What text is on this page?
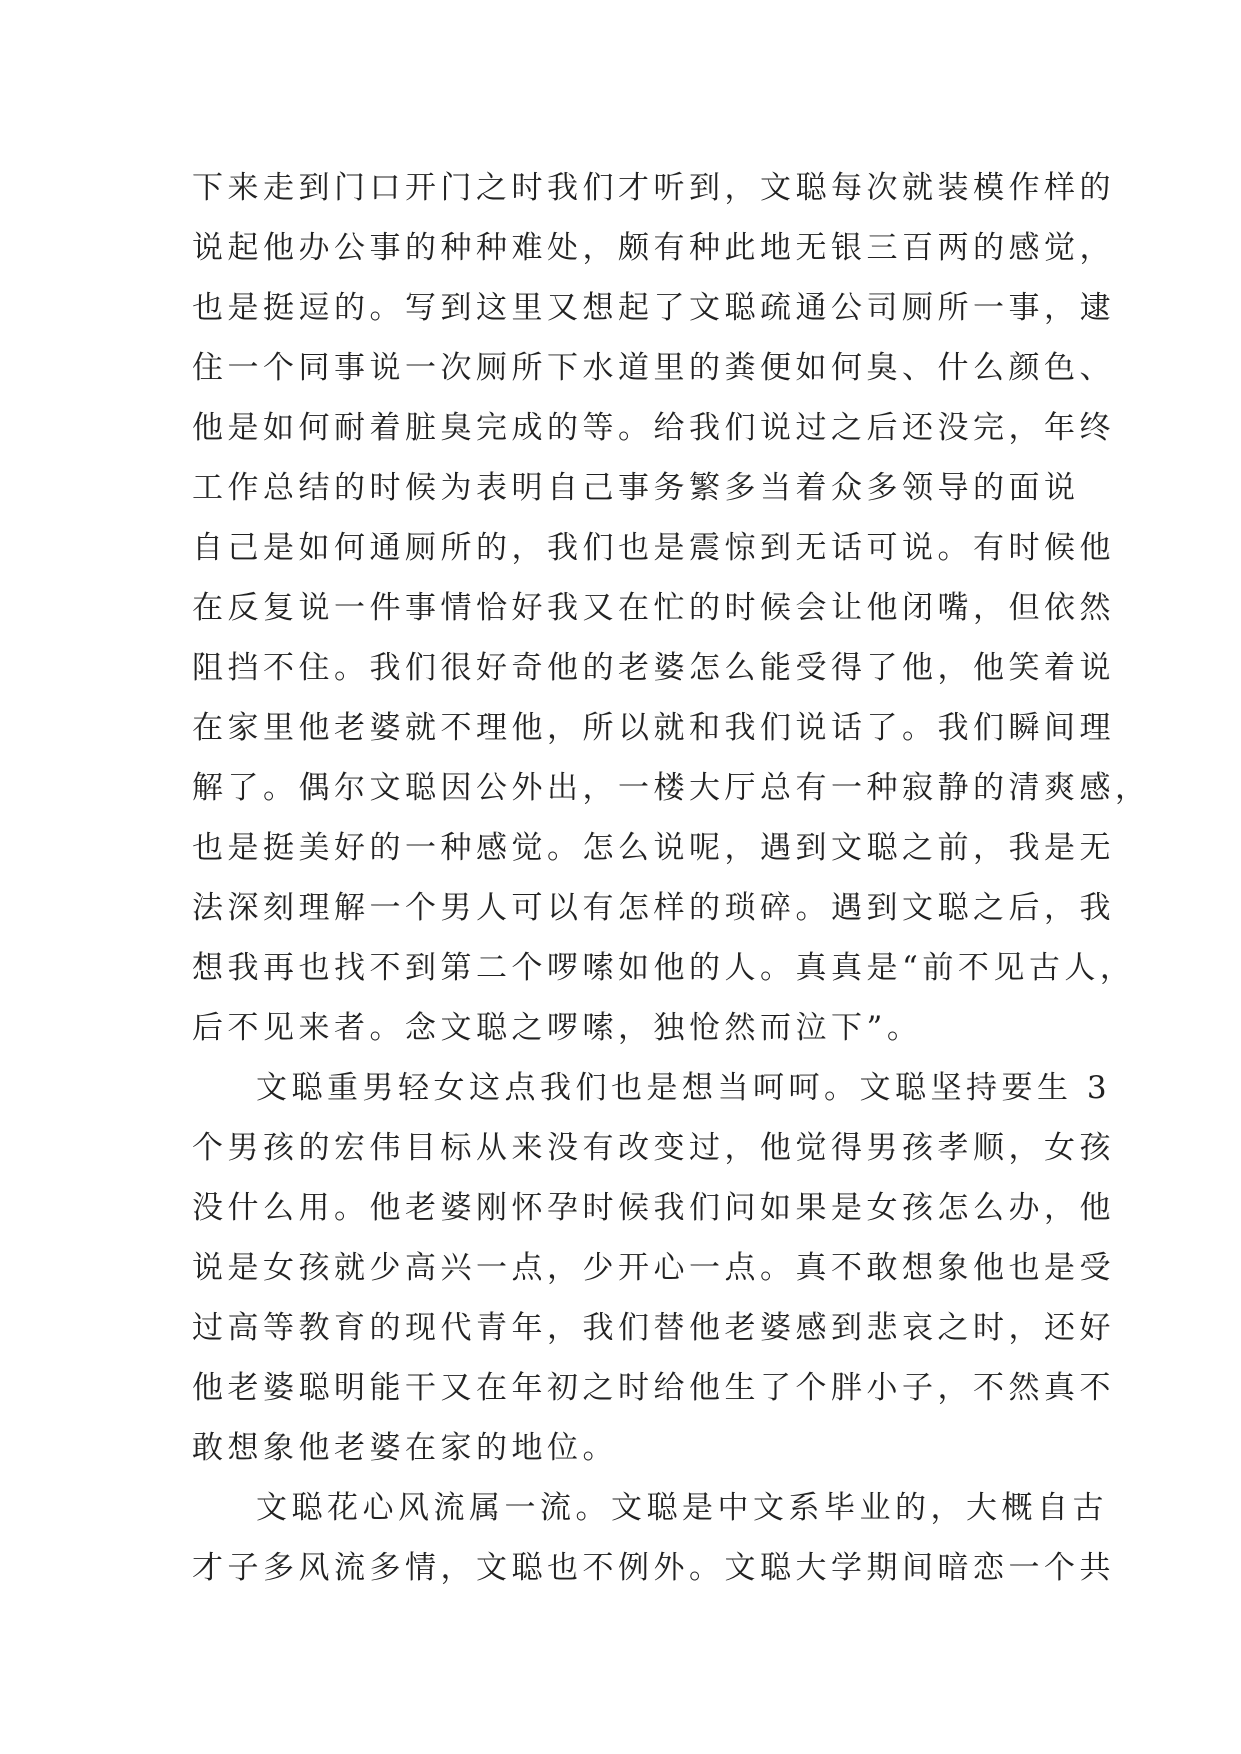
下来走到门口开门之时我们才听到，文聪每次就装模作样的
说起他办公事的种种难处，颇有种此地无银三百两的感觉，
也是挺逗的。写到这里又想起了文聪疏通公司厕所一事，逮
住一个同事说一次厕所下水道里的粪便如何臭、什么颜色、
他是如何耐着脏臭完成的等。给我们说过之后还没完，年终
工作总结的时候为表明自己事务繁多当着众多领导的面说
自己是如何通厕所的，我们也是震惊到无话可说。有时候他
在反复说一件事情恰好我又在忙的时候会让他闭嘴，但依然
阻挡不住。我们很好奇他的老婆怎么能受得了他，他笑着说
在家里他老婆就不理他，所以就和我们说话了。我们瞬间理
解了。偶尔文聪因公外出，一楼大厅总有一种寂静的清爽感，
也是挺美好的一种感觉。怎么说呢，遇到文聪之前，我是无
法深刻理解一个男人可以有怎样的琐碎。遇到文聪之后，我
想我再也找不到第二个啰嗦如他的人。真真是“前不见古人，
后不见来者。念文聪之啰嗦，独怆然而泣下”。
文聪重男轻女这点我们也是想当呵呵。文聪坚持要生 3
个男孩的宏伟目标从来没有改变过，他觉得男孩孝顺，女孩
没什么用。他老婆刚怀孕时候我们问如果是女孩怎么办，他
说是女孩就少高兴一点，少开心一点。真不敢想象他也是受
过高等教育的现代青年，我们替他老婆感到悲哀之时，还好
他老婆聪明能干又在年初之时给他生了个胖小子，不然真不
敢想象他老婆在家的地位。
文聪花心风流属一流。文聪是中文系毕业的，大概自古
才子多风流多情，文聪也不例外。文聪大学期间暗恋一个共
